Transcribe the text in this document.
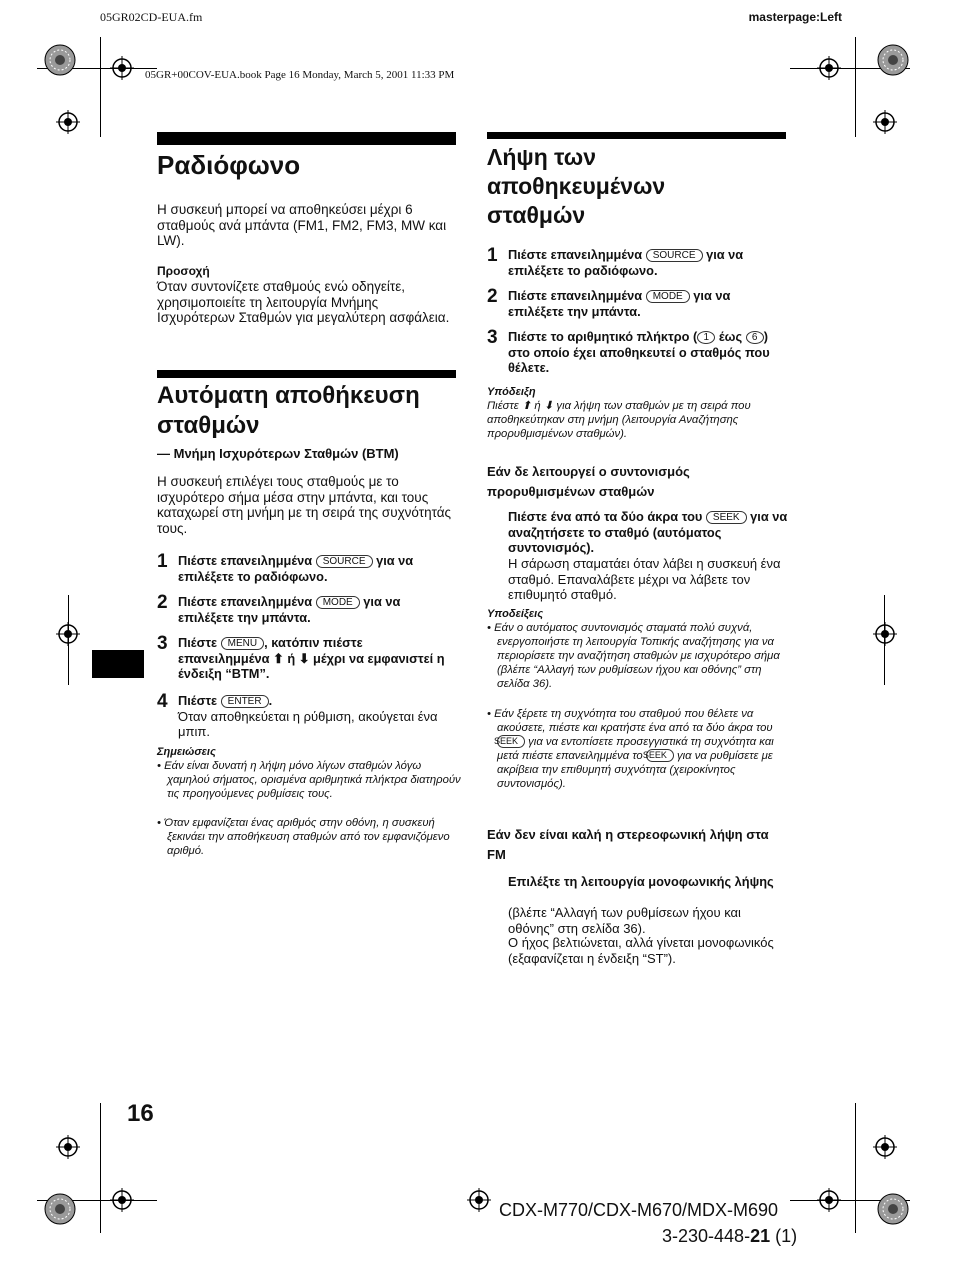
05GR02CD-EUA.fm	masterpage:Left
05GR+00COV-EUA.book Page 16 Monday, March 5, 2001 11:33 PM
Ραδιόφωνο
Η συσκευή μπορεί να αποθηκεύσει μέχρι 6 σταθμούς ανά μπάντα (FM1, FM2, FM3, MW και LW).
Προσοχή
Όταν συντονίζετε σταθμούς ενώ οδηγείτε, χρησιμοποιείτε τη λειτουργία Μνήμης Ισχυρότερων Σταθμών για μεγαλύτερη ασφάλεια.
Αυτόματη αποθήκευση
σταθμών
— Μνήμη Ισχυρότερων Σταθμών (BTM)
Η συσκευή επιλέγει τους σταθμούς με το ισχυρότερο σήμα μέσα στην μπάντα, και τους καταχωρεί στη μνήμη με τη σειρά της συχνότητάς τους.
1 Πιέστε επανειλημμένα SOURCE για να επιλέξετε το ραδιόφωνο.
2 Πιέστε επανειλημμένα MODE για να επιλέξετε την μπάντα.
3 Πιέστε MENU , κατόπιν πιέστε επανειλημμένα ⬆ ή ⬇ μέχρι να εμφανιστεί η ένδειξη “BTM”.
4 Πιέστε ENTER .
Όταν αποθηκεύεται η ρύθμιση, ακούγεται ένα μπιπ.
Σημειώσεις
• Εάν είναι δυνατή η λήψη μόνο λίγων σταθμών λόγω χαμηλού σήματος, ορισμένα αριθμητικά πλήκτρα διατηρούν τις προηγούμενες ρυθμίσεις τους.
• Όταν εμφανίζεται ένας αριθμός στην οθόνη, η συσκευή ξεκινάει την αποθήκευση σταθμών από τον εμφανιζόμενο αριθμό.
Λήψη των
αποθηκευμένων
σταθμών
1 Πιέστε επανειλημμένα SOURCE για να επιλέξετε το ραδιόφωνο.
2 Πιέστε επανειλημμένα MODE για να επιλέξετε την μπάντα.
3 Πιέστε το αριθμητικό πλήκτρο ( 1 έως 6 ) στο οποίο έχει αποθηκευτεί ο σταθμός που θέλετε.
Υπόδειξη
Πιέστε ⬆ ή ⬇ για λήψη των σταθμών με τη σειρά που αποθηκεύτηκαν στη μνήμη (λειτουργία Αναζήτησης προρυθμισμένων σταθμών).
Εάν δε λειτουργεί ο συντονισμός προρυθμισμένων σταθμών
Πιέστε ένα από τα δύο άκρα του SEEK για να αναζητήσετε το σταθμό (αυτόματος συντονισμός).
Η σάρωση σταματάει όταν λάβει η συσκευή ένα σταθμό. Επαναλάβετε μέχρι να λάβετε τον επιθυμητό σταθμό.
Υποδείξεις
• Εάν ο αυτόματος συντονισμός σταματά πολύ συχνά, ενεργοποιήστε τη λειτουργία Τοπικής αναζήτησης για να περιορίσετε την αναζήτηση σταθμών με ισχυρότερο σήμα (βλέπε “Αλλαγή των ρυθμίσεων ήχου και οθόνης” στη σελίδα 36).
• Εάν ξέρετε τη συχνότητα του σταθμού που θέλετε να ακούσετε, πιέστε και κρατήστε ένα από τα δύο άκρα του SEEK για να εντοπίσετε προσεγγιστικά τη συχνότητα και μετά πιέστε επανειλημμένα το SEEK για να ρυθμίσετε με ακρίβεια την επιθυμητή συχνότητα (χειροκίνητος συντονισμός).
Εάν δεν είναι καλή η στερεοφωνική λήψη στα FM
Επιλέξτε τη λειτουργία μονοφωνικής λήψης
(βλέπε “Αλλαγή των ρυθμίσεων ήχου και οθόνης” στη σελίδα 36).
Ο ήχος βελτιώνεται, αλλά γίνεται μονοφωνικός (εξαφανίζεται η ένδειξη “ST”).
16
CDX-M770/CDX-M670/MDX-M690
3-230-448-21 (1)
